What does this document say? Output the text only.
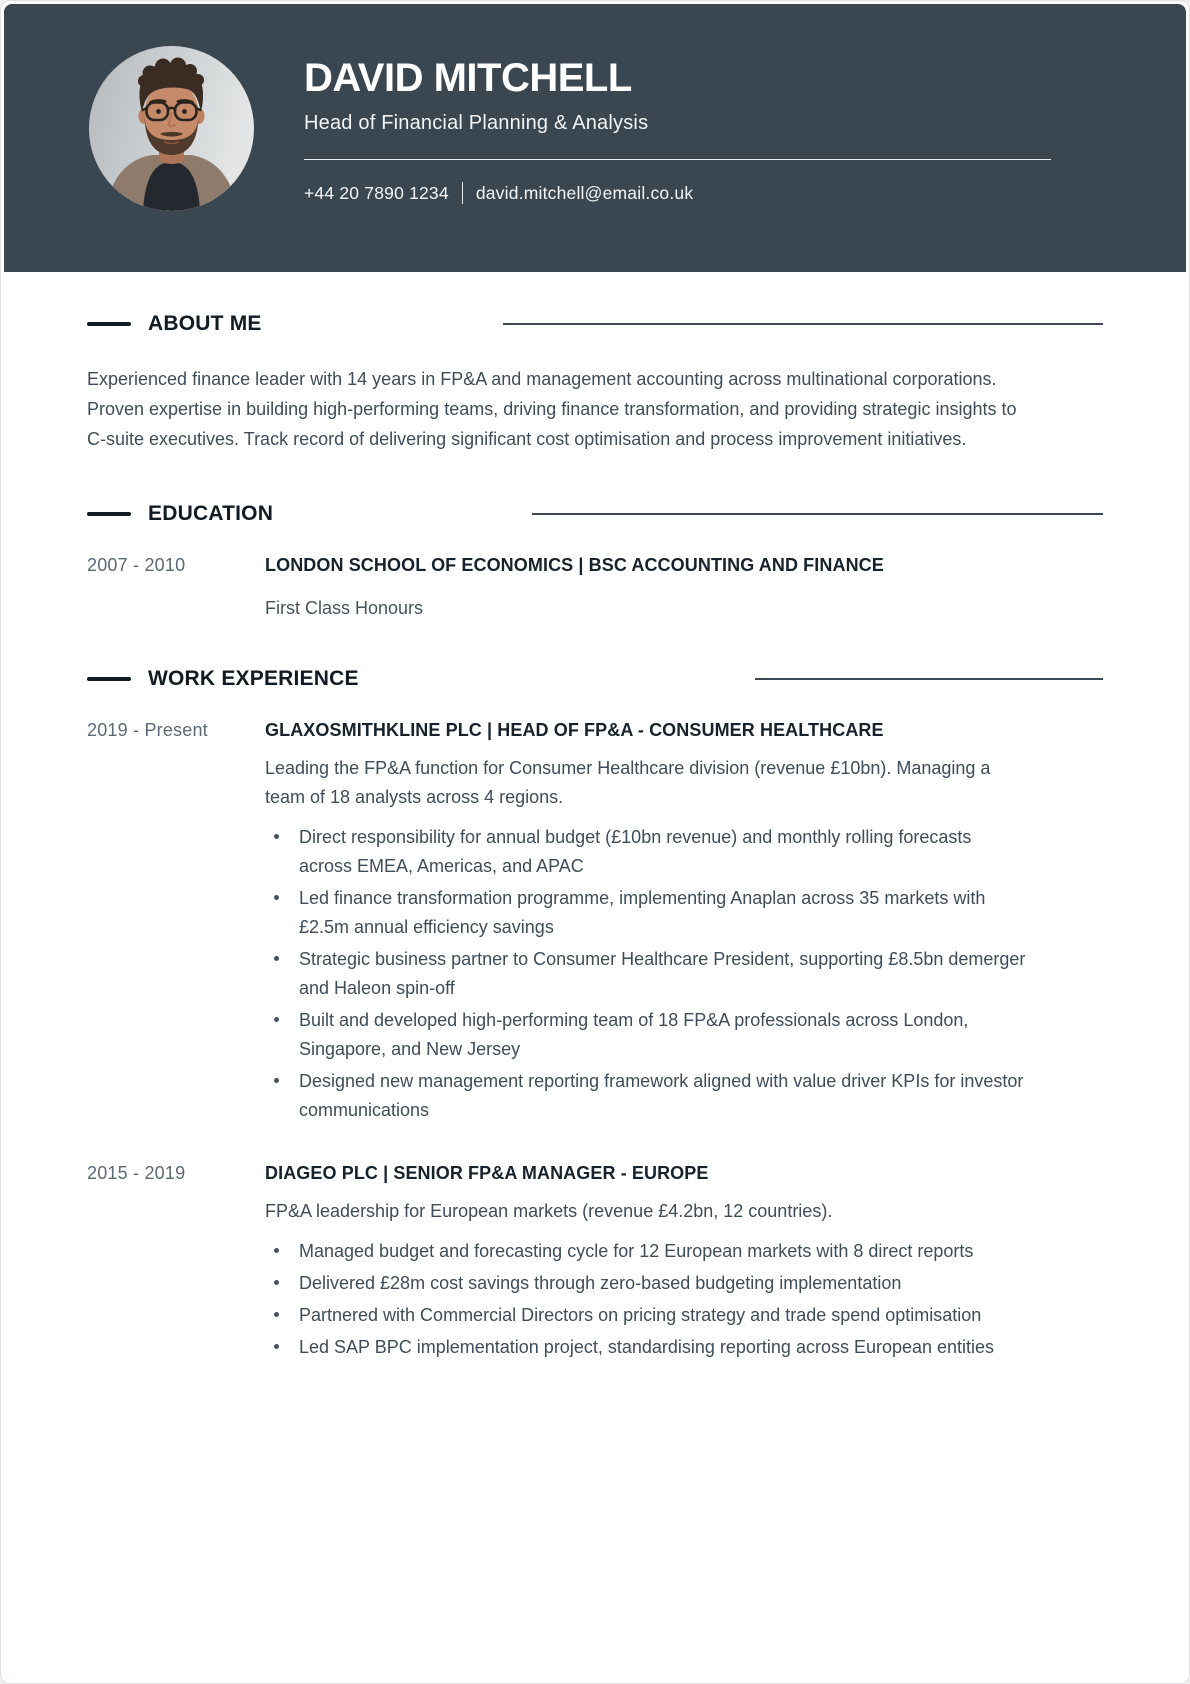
DAVID MITCHELL
Head of Financial Planning & Analysis
+44 20 7890 1234 david.mitchell@email.co.uk
ABOUT ME

Experienced finance leader with 14 years in FP&A and management accounting across multinational corporations. Proven expertise in building high-performing teams, driving finance transformation, and providing strategic insights to C-suite executives. Track record of delivering significant cost optimisation and process improvement initiatives.

EDUCATION
2007 - 2010	LONDON SCHOOL OF ECONOMICS | BSC ACCOUNTING AND FINANCE

First Class Honours

WORK EXPERIENCE
2019 - Present	GLAXOSMITHKLINE PLC | HEAD OF FP&A - CONSUMER HEALTHCARE

Leading the FP&A function for Consumer Healthcare division (revenue £10bn). Managing a team of 18 analysts across 4 regions.

Direct responsibility for annual budget (£10bn revenue) and monthly rolling forecasts across EMEA, Americas, and APAC
Led finance transformation programme, implementing Anaplan across 35 markets with £2.5m annual efficiency savings
Strategic business partner to Consumer Healthcare President, supporting £8.5bn demerger and Haleon spin-off
Built and developed high-performing team of 18 FP&A professionals across London, Singapore, and New Jersey
Designed new management reporting framework aligned with value driver KPIs for investor communications
2015 - 2019	DIAGEO PLC | SENIOR FP&A MANAGER - EUROPE

FP&A leadership for European markets (revenue £4.2bn, 12 countries).

Managed budget and forecasting cycle for 12 European markets with 8 direct reports
Delivered £28m cost savings through zero-based budgeting implementation
Partnered with Commercial Directors on pricing strategy and trade spend optimisation
Led SAP BPC implementation project, standardising reporting across European entities
